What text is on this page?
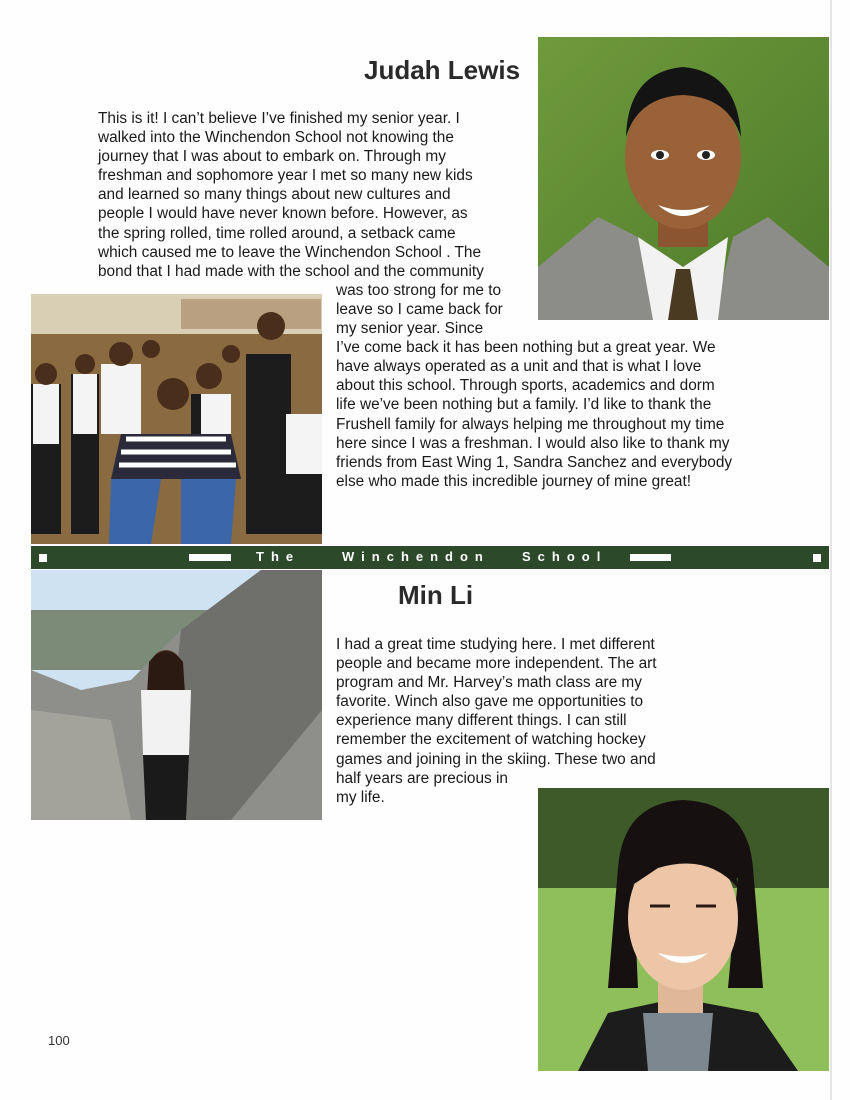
Judah Lewis
This is it! I can’t believe I’ve finished my senior year. I
walked into the Winchendon School not knowing the
journey that I was about to embark on. Through my
freshman and sophomore year I met so many new kids
and learned so many things about new cultures and
people I would have never known before. However, as
the spring rolled, time rolled around, a setback came
which caused me to leave the Winchendon School . The
bond that I had made with the school and the community
was too strong for me to
leave so I came back for
my senior year. Since
I’ve come back it has been nothing but a great year. We
have always operated as a unit and that is what I love
about this school. Through sports, academics and dorm
life we’ve been nothing but a family. I’d like to thank the
Frushell family for always helping me throughout my time
here since I was a freshman. I would also like to thank my
friends from East Wing 1, Sandra Sanchez and everybody
else who made this incredible journey of mine great!
The	Winchendon School
Min Li
I had a great time studying here. I met different
people and became more independent. The art
program and Mr. Harvey’s math class are my
favorite. Winch also gave me opportunities to
experience many different things. I can still
remember the excitement of watching hockey
games and joining in the skiing. These two and
half years are precious in
my life.
100
